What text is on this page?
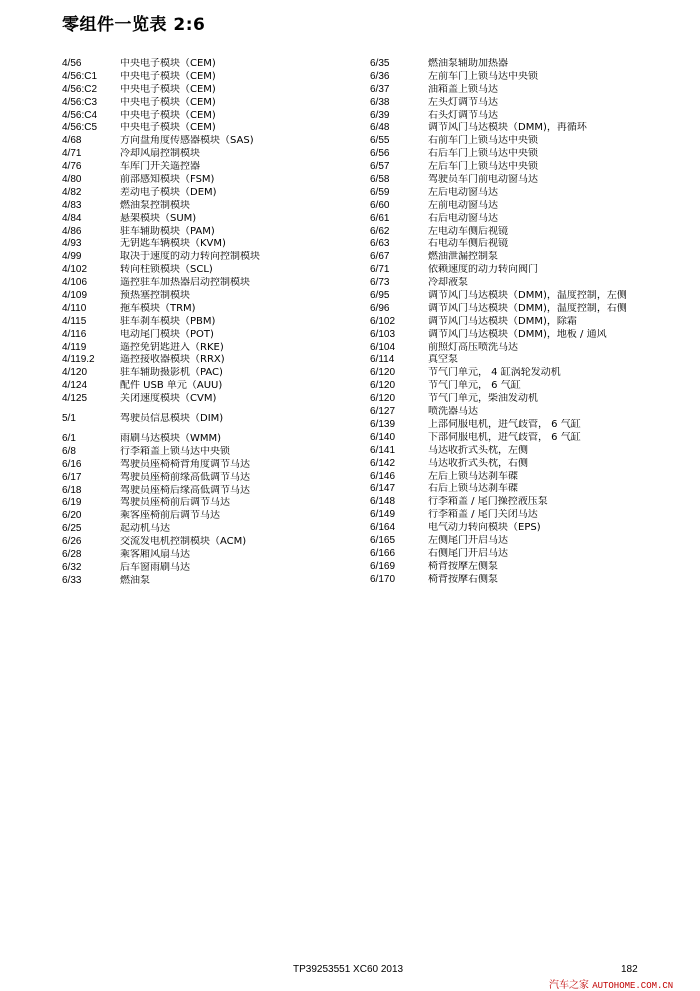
零组件一览表 2:6
4/56	中央电子模块（CEM)
4/56:C1	中央电子模块（CEM)
4/56:C2	中央电子模块（CEM)
4/56:C3	中央电子模块（CEM)
4/56:C4	中央电子模块（CEM)
4/56:C5	中央电子模块（CEM)
4/68	方向盘角度传感器模块（SAS)
4/71	冷却风扇控制模块
4/76	车库门开关遥控器
4/80	前部感知模块（FSM)
4/82	差动电子模块（DEM)
4/83	燃油泵控制模块
4/84	悬架模块（SUM)
4/86	驻车辅助模块（PAM)
4/93	无钥匙车辆模块（KVM)
4/99	取决于速度的动力转向控制模块
4/102	转向柱锁模块（SCL)
4/106	遥控驻车加热器启动控制模块
4/109	预热塞控制模块
4/110	拖车模块（TRM)
4/115	驻车刹车模块（PBM)
4/116	电动尾门模块（POT)
4/119	遥控免钥匙进入（RKE)
4/119.2	遥控接收器模块（RRX)
4/120	驻车辅助摄影机（PAC)
4/124	配件 USB 单元（AUU)
4/125	关闭速度模块（CVM)
5/1	驾驶员信息模块（DIM)
6/1	雨刷马达模块（WMM)
6/8	行李箱盖上锁马达中央锁
6/16	驾驶员座椅椅背角度调节马达
6/17	驾驶员座椅前缘高低调节马达
6/18	驾驶员座椅后缘高低调节马达
6/19	驾驶员座椅前后调节马达
6/20	乘客座椅前后调节马达
6/25	起动机马达
6/26	交流发电机控制模块（ACM)
6/28	乘客厢风扇马达
6/32	后车窗雨刷马达
6/33	燃油泵
6/35	燃油泵辅助加热器
6/36	左前车门上锁马达中央锁
6/37	油箱盖上锁马达
6/38	左头灯调节马达
6/39	右头灯调节马达
6/48	调节风门马达模块（DMM)，再循环
6/55	右前车门上锁马达中央锁
6/56	右后车门上锁马达中央锁
6/57	左后车门上锁马达中央锁
6/58	驾驶员车门前电动窗马达
6/59	左后电动窗马达
6/60	左前电动窗马达
6/61	右后电动窗马达
6/62	左电动车侧后视镜
6/63	右电动车侧后视镜
6/67	燃油泄漏控制泵
6/71	依赖速度的动力转向阀门
6/73	冷却液泵
6/95	调节风门马达模块（DMM)，温度控制，左侧
6/96	调节风门马达模块（DMM)，温度控制，右侧
6/102	调节风门马达模块（DMM)，除霜
6/103	调节风门马达模块（DMM)，地板 / 通风
6/104	前照灯高压喷洗马达
6/114	真空泵
6/120	节气门单元， 4 缸涡轮发动机
6/120	节气门单元， 6 气缸
6/120	节气门单元，柴油发动机
6/127	喷洗器马达
6/139	上部伺服电机，进气歧管， 6 气缸
6/140	下部伺服电机，进气歧管， 6 气缸
6/141	马达收折式头枕，左侧
6/142	马达收折式头枕，右侧
6/146	左后上锁马达刹车碟
6/147	右后上锁马达刹车碟
6/148	行李箱盖 / 尾门操控液压泵
6/149	行李箱盖 / 尾门关闭马达
6/164	电气动力转向模块（EPS)
6/165	左侧尾门开启马达
6/166	右侧尾门开启马达
6/169	椅背按摩左侧泵
6/170	椅背按摩右侧泵
TP39253551 XC60 2013	182
汽车之家 AUTOHOME.COM.CN
